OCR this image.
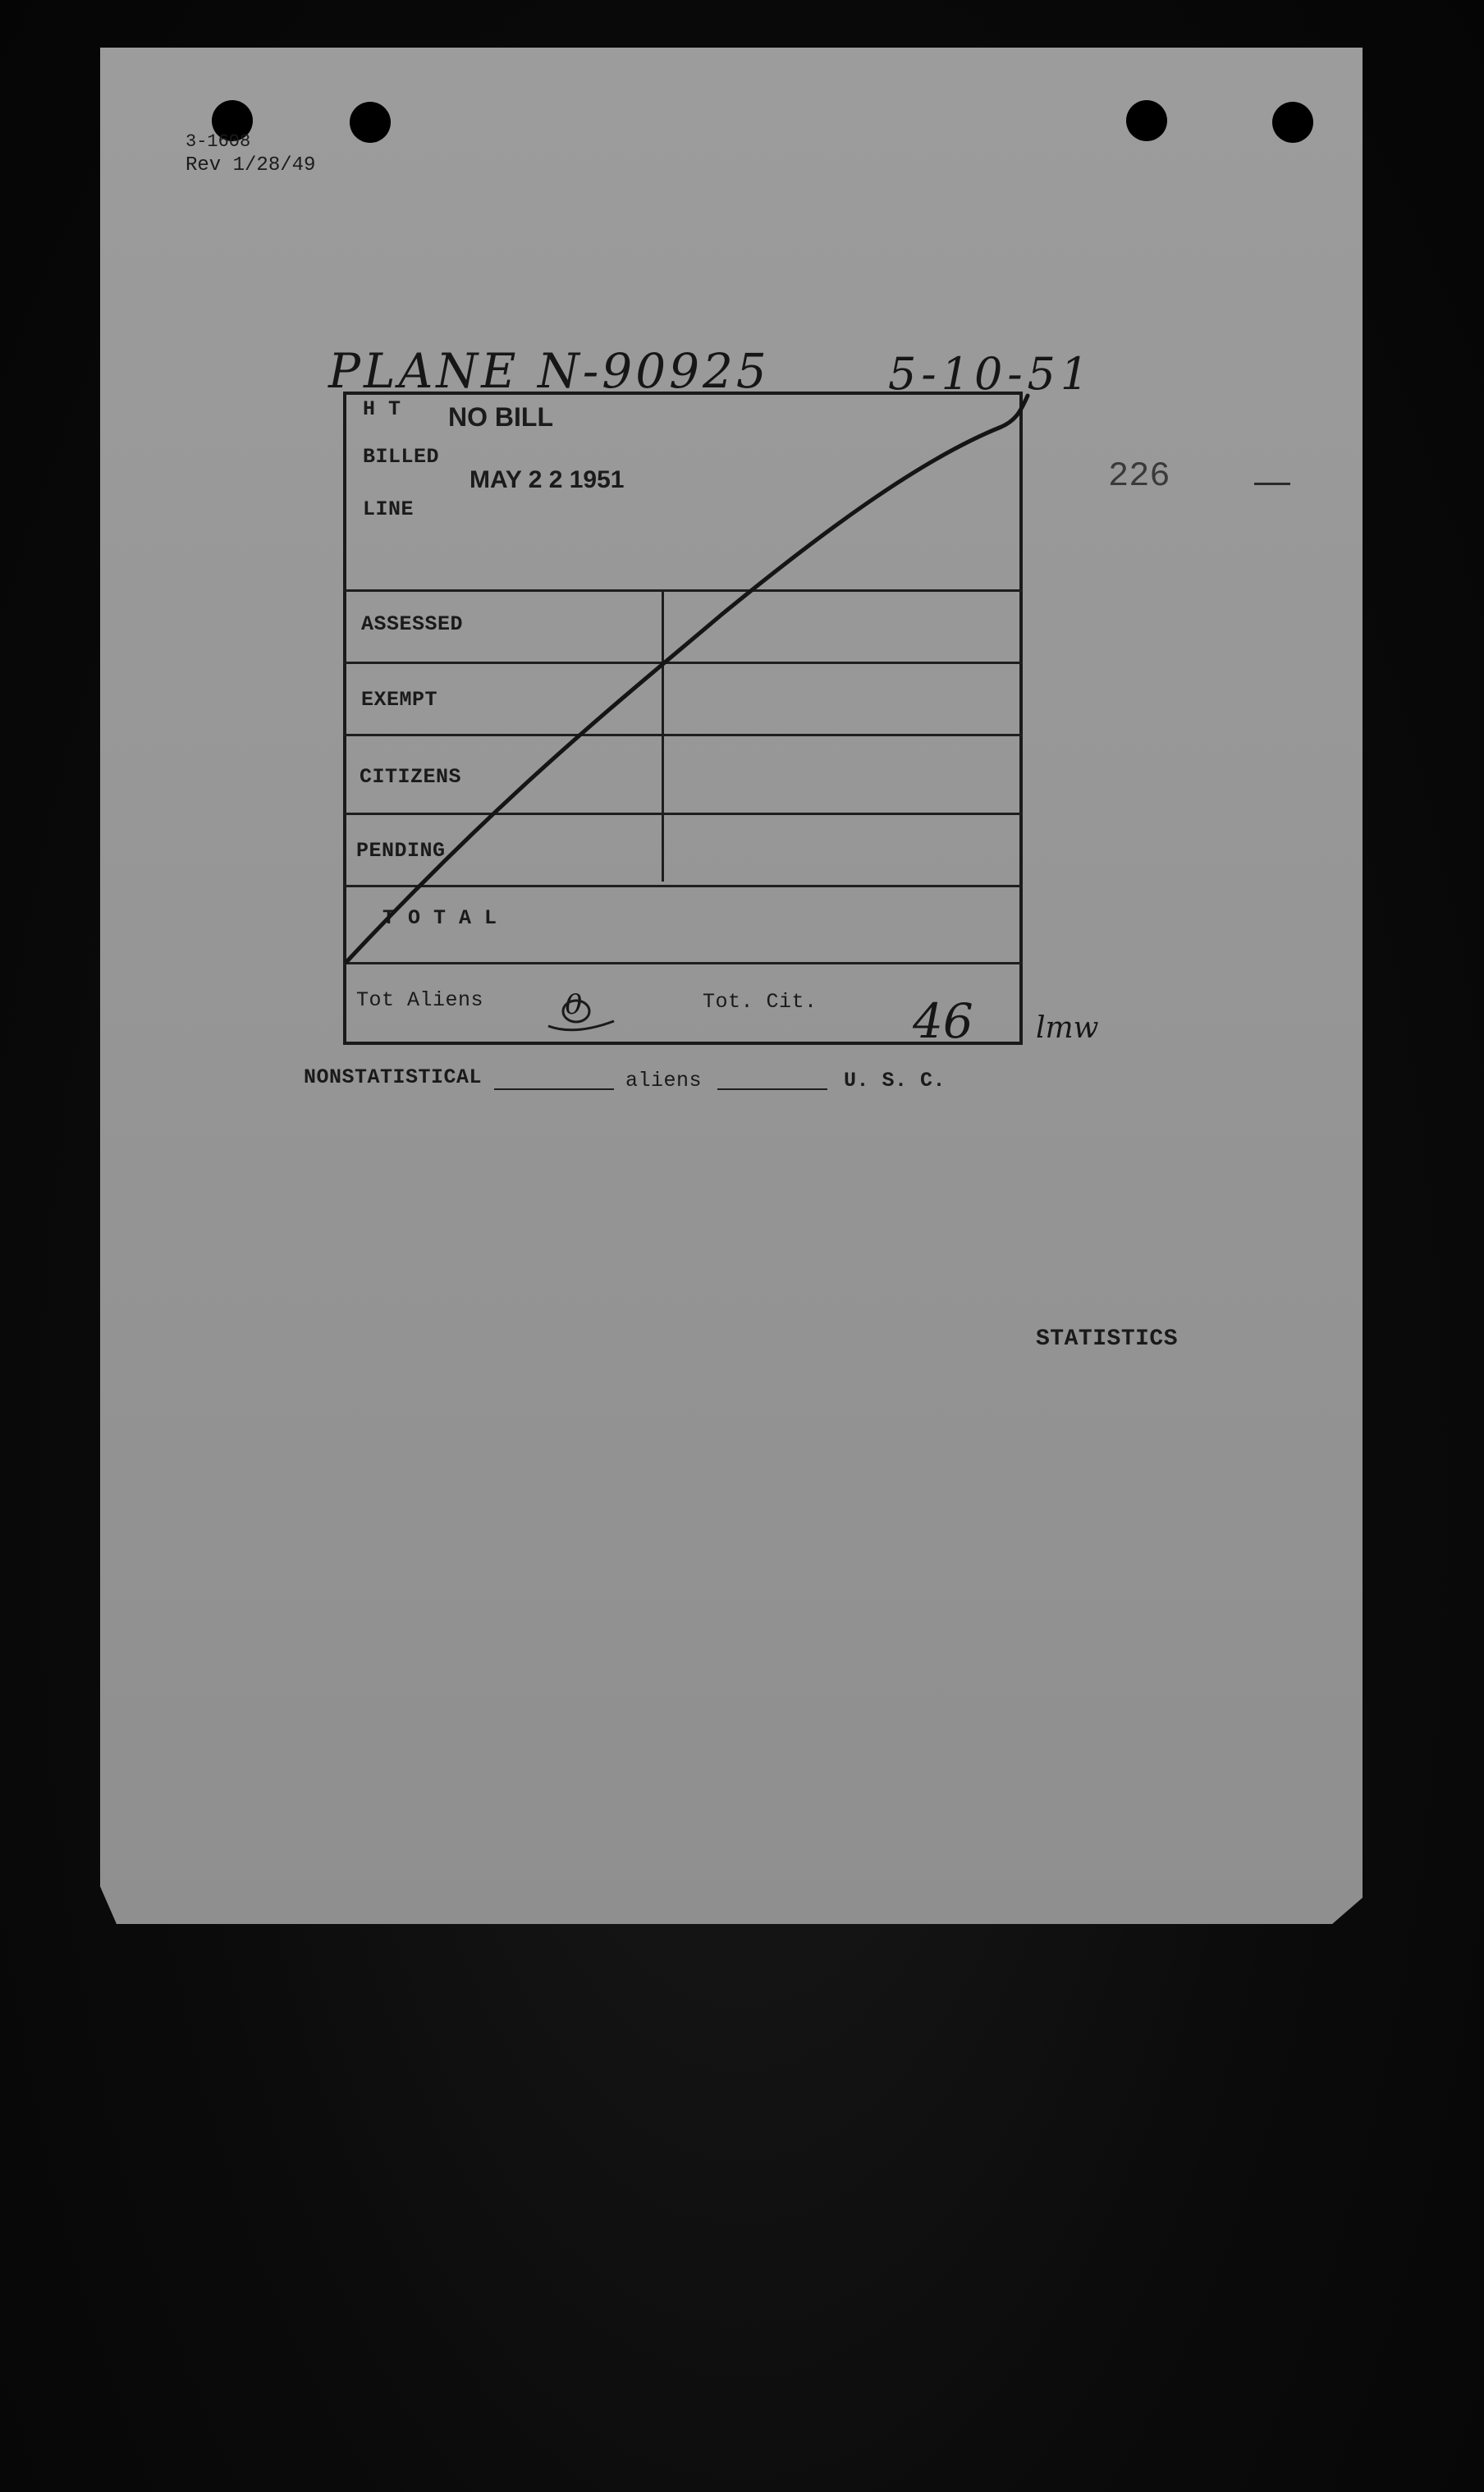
3-1608
Rev 1/28/49
PLANE N-90925	5-10-51
226
H T NO BILL
BILLED
MAY 2 2 1951
LINE
ASSESSED
EXEMPT
CITIZENS
PENDING
T O T A L
Tot Aliens	0	Tot. Cit. 46 lmw
NONSTATISTICAL	aliens	U. S. C.
STATISTICS
